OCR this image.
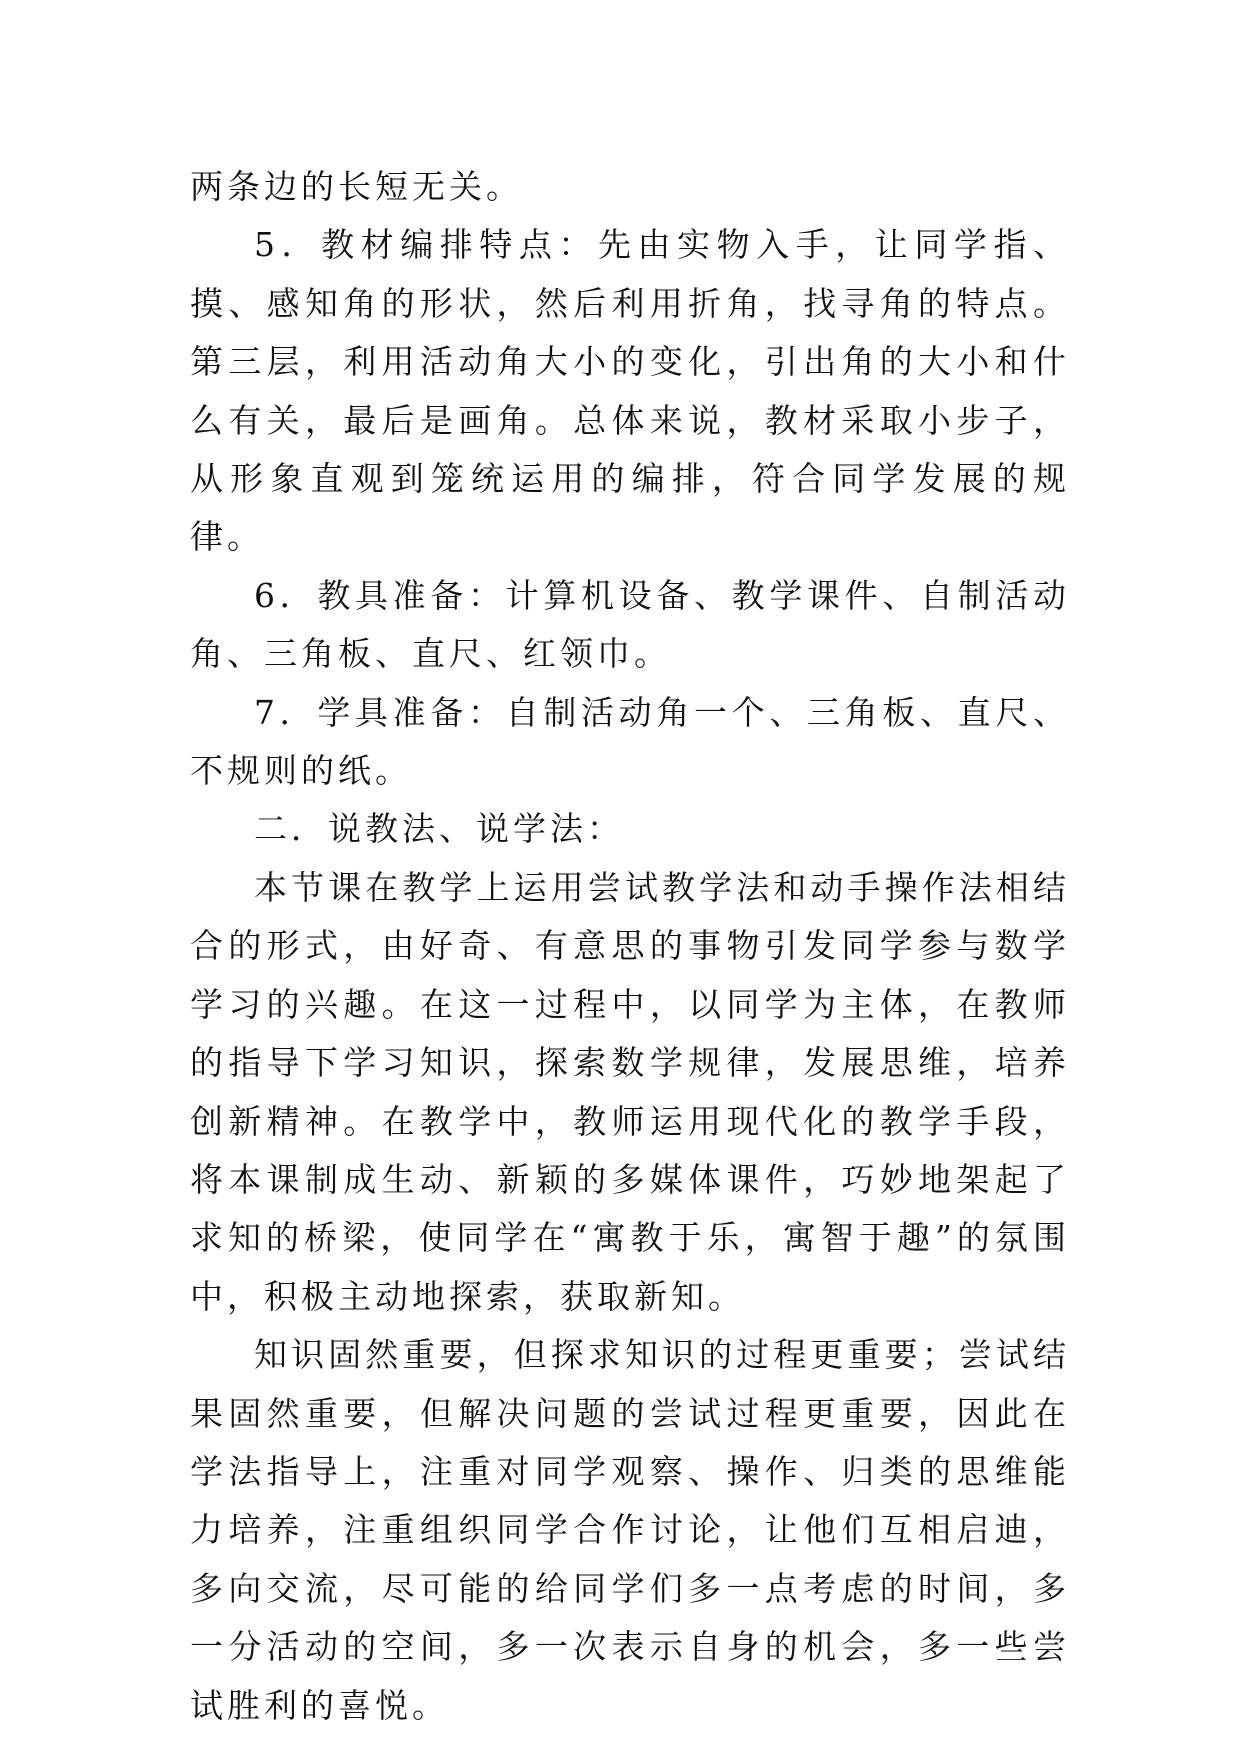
两条边的长短无关。

5．教材编排特点：先由实物入手，让同学指、摸、感知角的形状，然后利用折角，找寻角的特点。第三层，利用活动角大小的变化，引出角的大小和什么有关，最后是画角。总体来说，教材采取小步子，从形象直观到笼统运用的编排，符合同学发展的规律。

6．教具准备：计算机设备、教学课件、自制活动角、三角板、直尺、红领巾。

7．学具准备：自制活动角一个、三角板、直尺、不规则的纸。

二．说教法、说学法：

本节课在教学上运用尝试教学法和动手操作法相结合的形式，由好奇、有意思的事物引发同学参与数学学习的兴趣。在这一过程中，以同学为主体，在教师的指导下学习知识，探索数学规律，发展思维，培养创新精神。在教学中，教师运用现代化的教学手段，将本课制成生动、新颖的多媒体课件，巧妙地架起了求知的桥梁，使同学在“寓教于乐，寓智于趣”的氛围中，积极主动地探索，获取新知。

知识固然重要，但探求知识的过程更重要；尝试结果固然重要，但解决问题的尝试过程更重要，因此在学法指导上，注重对同学观察、操作、归类的思维能力培养，注重组织同学合作讨论，让他们互相启迪，多向交流，尽可能的给同学们多一点考虑的时间，多一分活动的空间，多一次表示自身的机会，多一些尝试胜利的喜悦。
